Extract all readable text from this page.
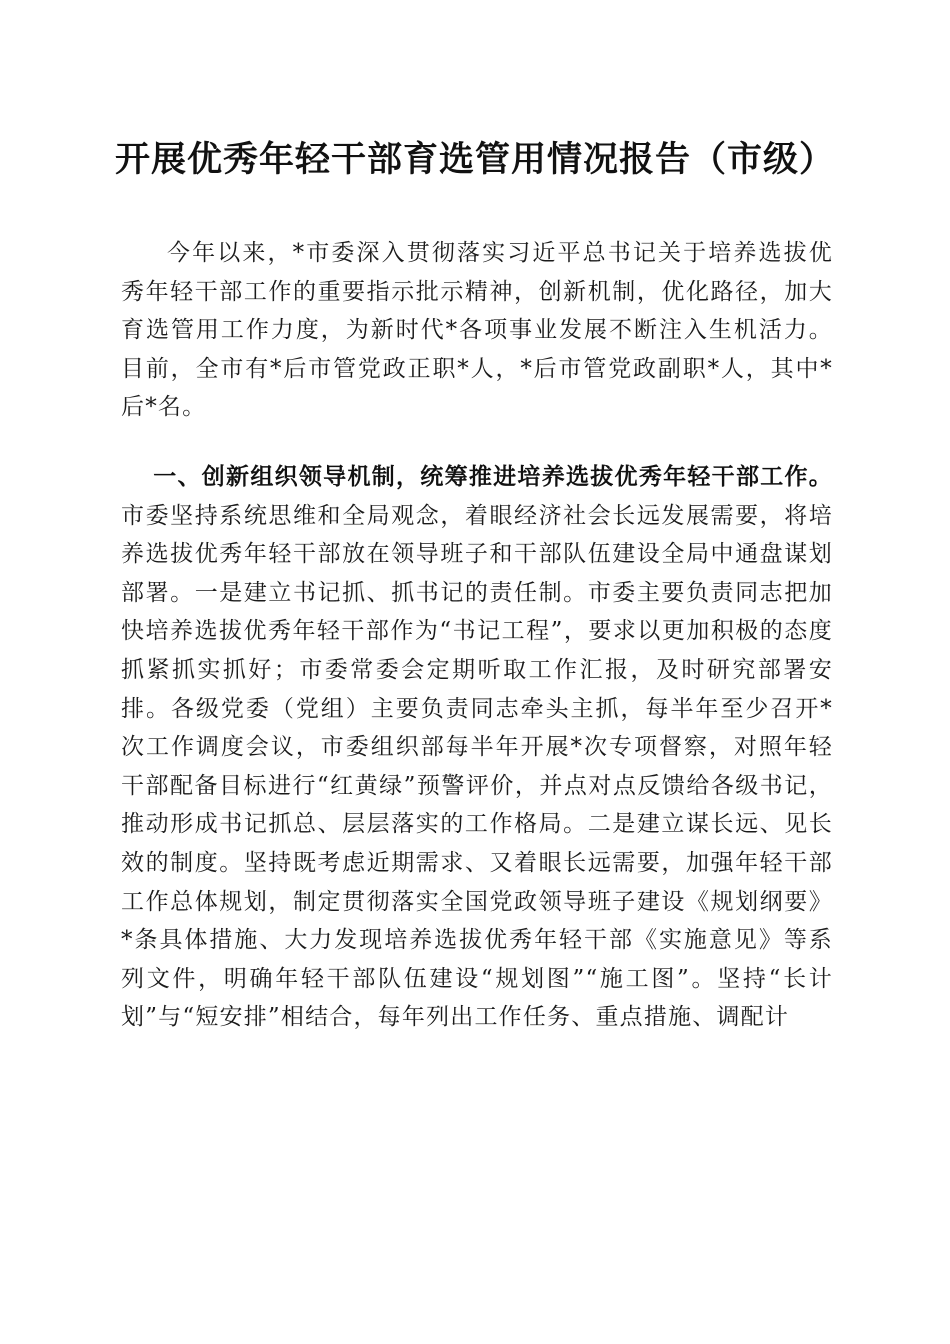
开展优秀年轻干部育选管用情况报告（市级）

今年以来，*市委深入贯彻落实习近平总书记关于培养选拔优秀年轻干部工作的重要指示批示精神，创新机制，优化路径，加大育选管用工作力度，为新时代*各项事业发展不断注入生机活力。目前，全市有*后市管党政正职*人，*后市管党政副职*人，其中*后*名。

一、创新组织领导机制，统筹推进培养选拔优秀年轻干部工作。市委坚持系统思维和全局观念，着眼经济社会长远发展需要，将培养选拔优秀年轻干部放在领导班子和干部队伍建设全局中通盘谋划部署。一是建立书记抓、抓书记的责任制。市委主要负责同志把加快培养选拔优秀年轻干部作为“书记工程”，要求以更加积极的态度抓紧抓实抓好；市委常委会定期听取工作汇报，及时研究部署安排。各级党委（党组）主要负责同志牵头主抓，每半年至少召开*次工作调度会议，市委组织部每半年开展*次专项督察，对照年轻干部配备目标进行“红黄绿”预警评价，并点对点反馈给各级书记，推动形成书记抓总、层层落实的工作格局。二是建立谋长远、见长效的制度。坚持既考虑近期需求、又着眼长远需要，加强年轻干部工作总体规划，制定贯彻落实全国党政领导班子建设《规划纲要》*条具体措施、大力发现培养选拔优秀年轻干部《实施意见》等系列文件，明确年轻干部队伍建设“规划图”“施工图”。坚持“长计划”与“短安排”相结合，每年列出工作任务、重点措施、调配计
